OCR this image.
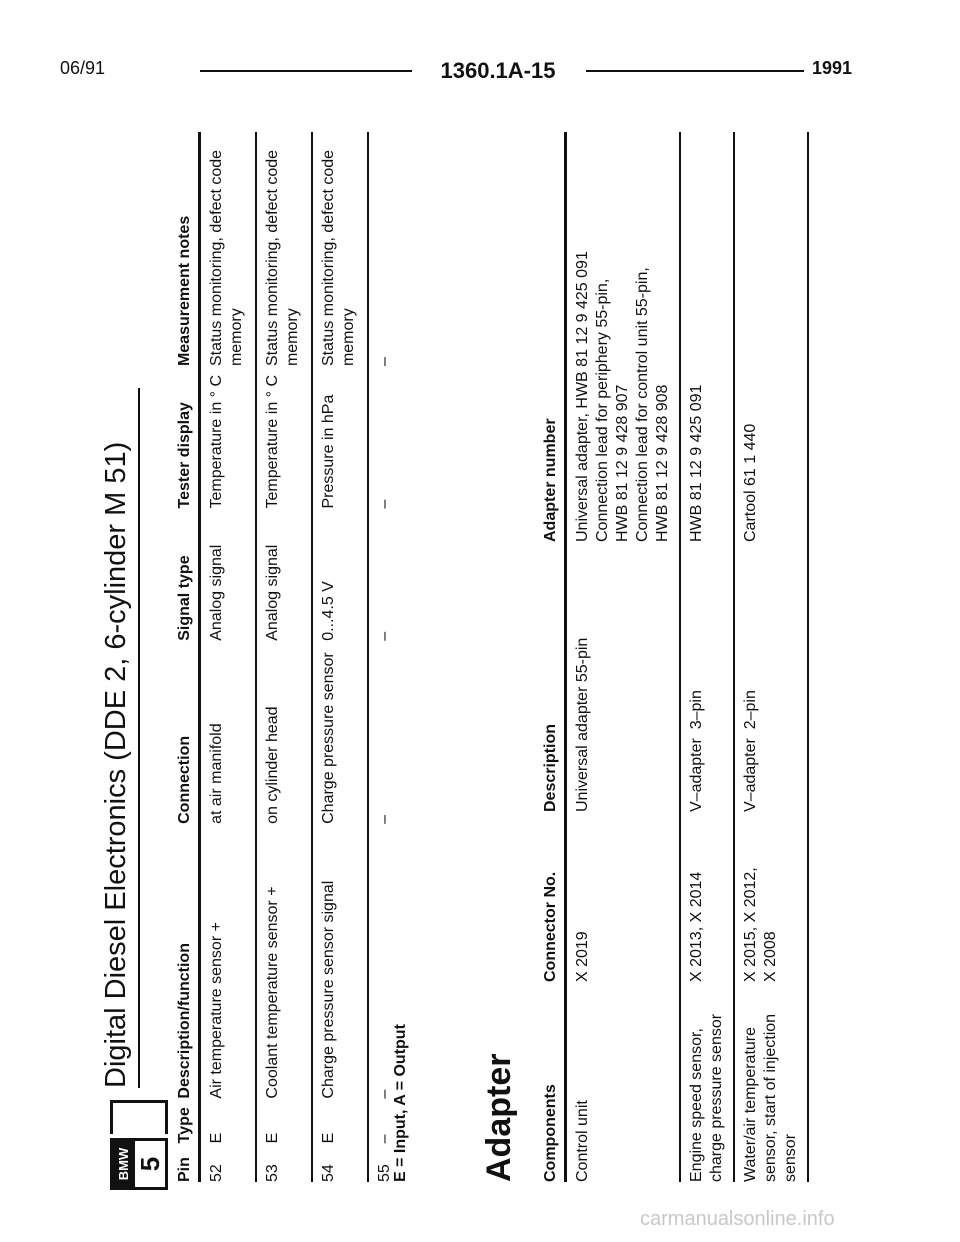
06/91	1360.1A-15	1991
carmanualsonline.info
BMW 5
Digital Diesel Electronics (DDE 2, 6-cylinder M 51)
Pin	Type	Description/function	Connection	Signal type	Tester display	Measurement notes
52	E	Air temperature sensor +	at air manifold	Analog signal	Temperature in ° C	Status monitoring, defect code memory
53	E	Coolant temperature sensor +	on cylinder head	Analog signal	Temperature in ° C	Status monitoring, defect code memory
54	E	Charge pressure sensor signal	Charge pressure sensor	0...4.5 V	Pressure in hPa	Status monitoring, defect code memory
55	–	–	–	–	–	–
E = Input, A = Output Adapter Components	Connector No.	Description	Adapter number
Control unit	X 2019	Universal adapter 55-pin	Universal adapter, HWB 81 12 9 425 091
Connection lead for periphery 55-pin,
HWB 81 12 9 428 907
Connection lead for control unit 55-pin,
HWB 81 12 9 428 908
Engine speed sensor, charge pressure sensor	X 2013, X 2014	V–adapter  3–pin	HWB 81 12 9 425 091
Water/air temperature sensor, start of injection sensor	X 2015, X 2012,
X 2008	V–adapter  2–pin	Cartool 61 1 440
